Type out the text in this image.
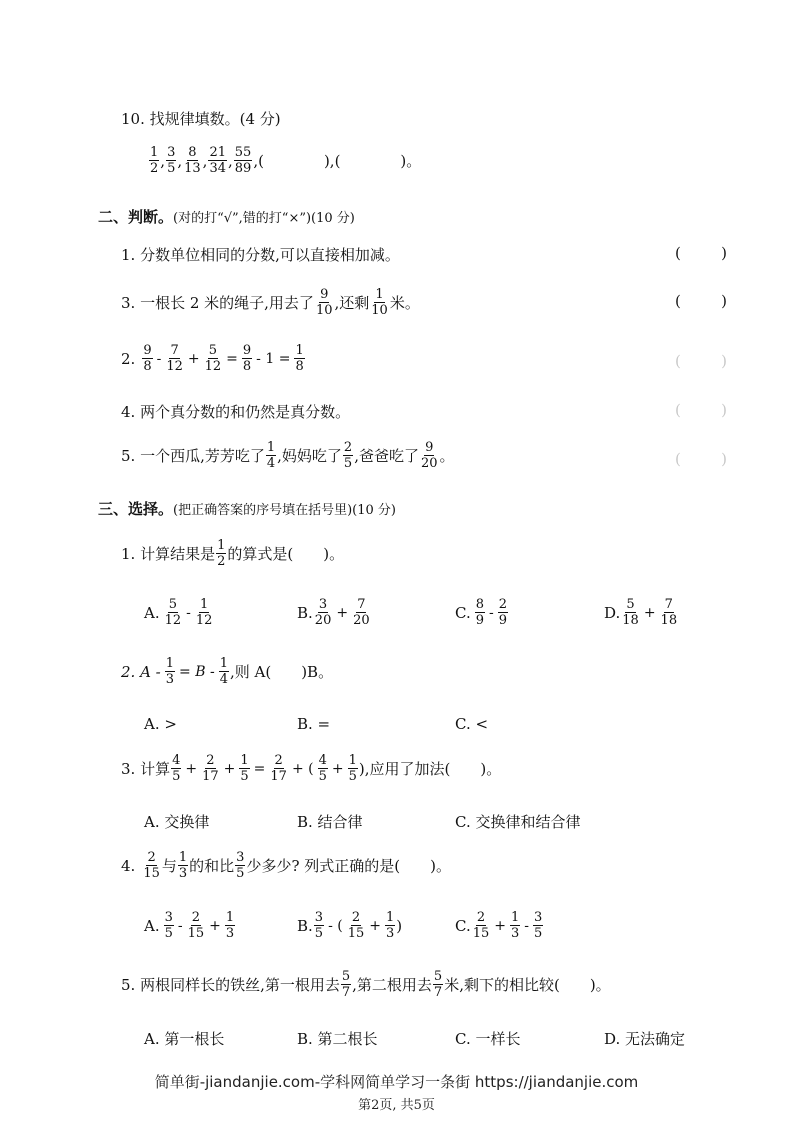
10. 找规律填数。(4 分)
$\frac{1}{2}$ , $\frac{3}{5}$ , $\frac{8}{13}$ , $\frac{21}{34}$ , $\frac{55}{89}$ ,(　　　　),(　　　　)。
二、判断。(对的打“√”,错的打“×”)(10 分)
1. 分数单位相同的分数,可以直接相加减。	(	)
3. 一根长 2 米的绳子,用去了 $\frac{9}{10}$ ,还剩 $\frac{1}{10}$ 米。	(	)
2. $\frac{9}{8} - \frac{7}{12} + \frac{5}{12} = \frac{9}{8} - 1 = \frac{1}{8}$	(	)
4. 两个真分数的和仍然是真分数。	(	)
5. 一个西瓜,芳芳吃了 $\frac{1}{4}$ ,妈妈吃了 $\frac{2}{5}$ ,爸爸吃了 $\frac{9}{20}$ 。	(	)
三、选择。(把正确答案的序号填在括号里)(10 分)
1. 计算结果是 $\frac{1}{2}$ 的算式是(　　)。
A. $\frac{5}{12} - \frac{1}{12}$	B. $\frac{3}{20} + \frac{7}{20}$	C. $\frac{8}{9} - \frac{2}{9}$	D. $\frac{5}{18} + \frac{7}{18}$
2. $A - \frac{1}{3} = B - \frac{1}{4}$ ,则 A(　　)B。
A. >	B. =	C. <
3. 计算 $\frac{4}{5} + \frac{2}{17} + \frac{1}{5} = \frac{2}{17}$ + ( $\frac{4}{5} + \frac{1}{5}$ ) ,应用了加法(　　)。
A. 交换律	B. 结合律	C. 交换律和结合律
4. $\frac{2}{15}$ 与 $\frac{1}{3}$ 的和比 $\frac{3}{5}$ 少多少? 列式正确的是(　　)。
A. $\frac{3}{5} - \frac{2}{15} + \frac{1}{3}$	B. $\frac{3}{5}$ - ( $\frac{2}{15} + \frac{1}{3}$ )	C. $\frac{2}{15} + \frac{1}{3} - \frac{3}{5}$
5. 两根同样长的铁丝,第一根用去 $\frac{5}{7}$ ,第二根用去 $\frac{5}{7}$ 米,剩下的相比较(　　)。
A. 第一根长	B. 第二根长	C. 一样长	D. 无法确定
简单街-jiandanjie.com-学科网简单学习一条街 https://jiandanjie.com
第2页, 共5页
